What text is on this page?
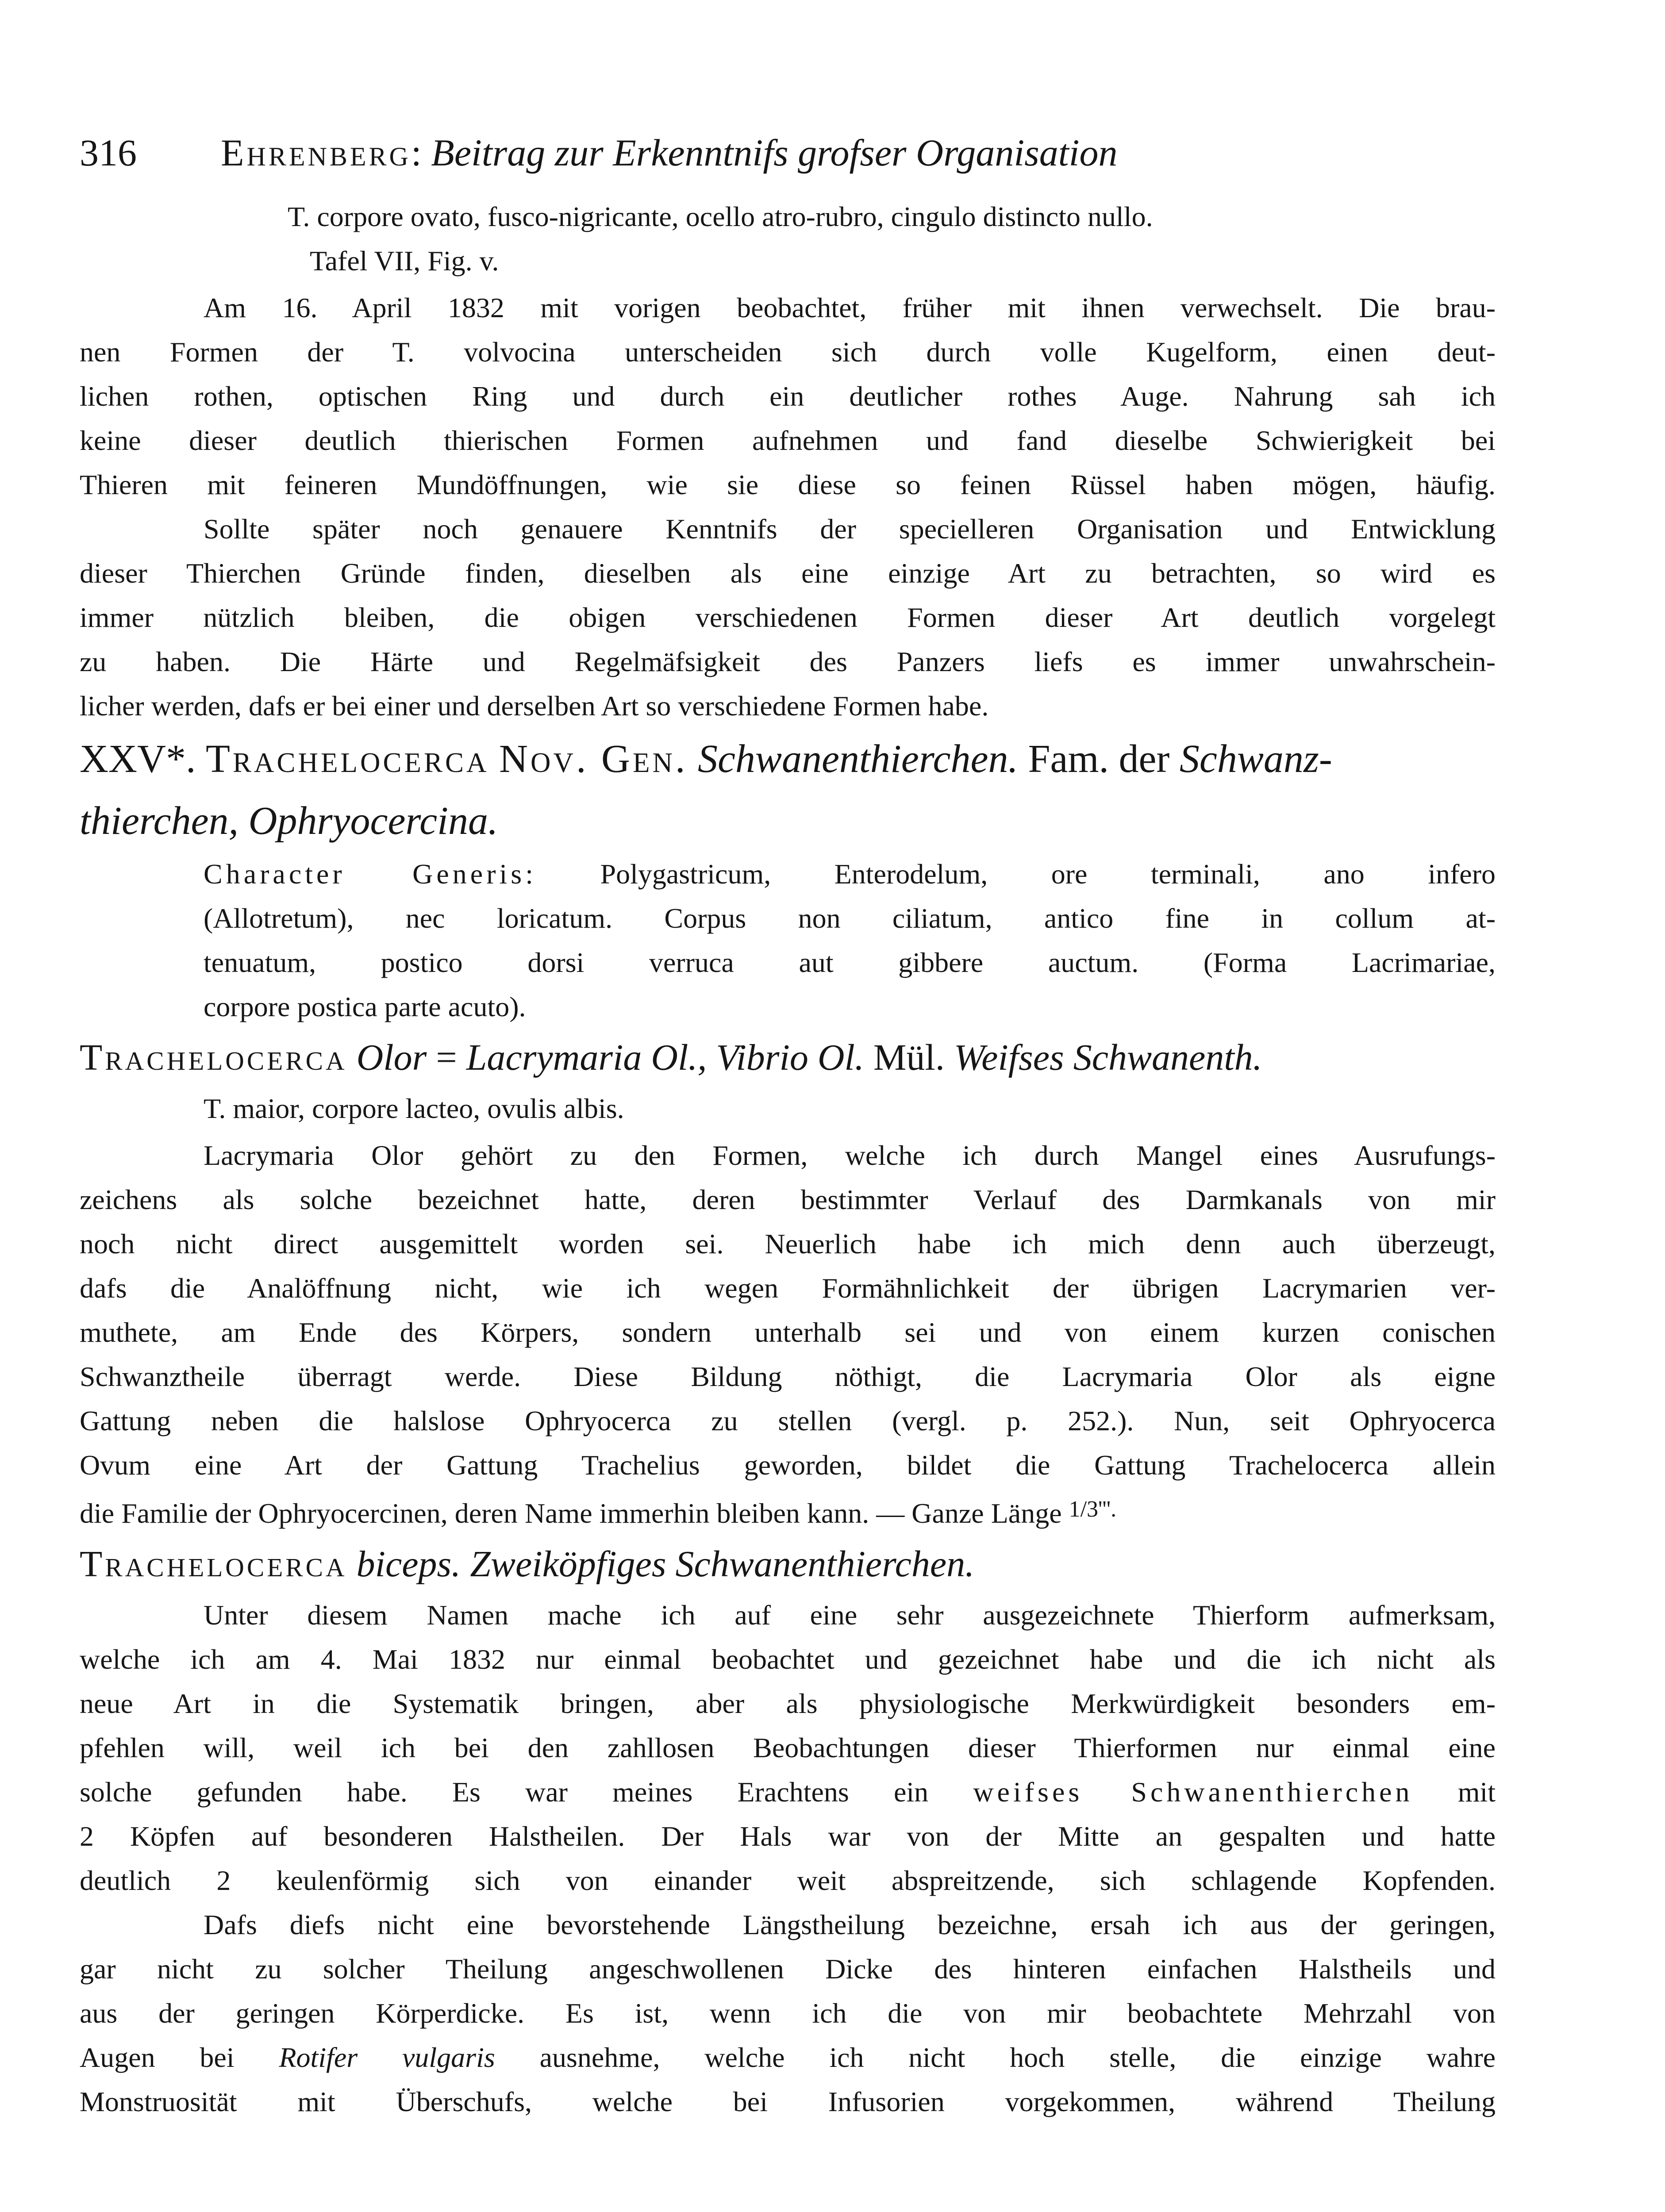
316 Ehrenberg : Beitrag zur Erkenntnifs grofser Organisation
T. corpore ovato, fusco-nigricante, ocello atro-rubro, cingulo distincto nullo.
Tafel VII, Fig. v.
Am 16. April 1832 mit vorigen beobachtet, früher mit ihnen verwechselt. Die brau-
nen Formen der T. volvocina unterscheiden sich durch volle Kugelform, einen deut-
lichen rothen, optischen Ring und durch ein deutlicher rothes Auge. Nahrung sah ich
keine dieser deutlich thierischen Formen aufnehmen und fand dieselbe Schwierigkeit bei
Thieren mit feineren Mundöffnungen, wie sie diese so feinen Rüssel haben mögen, häufig.
Sollte später noch genauere Kenntnifs der specielleren Organisation und Entwicklung
dieser Thierchen Gründe finden, dieselben als eine einzige Art zu betrachten, so wird es
immer nützlich bleiben, die obigen verschiedenen Formen dieser Art deutlich vorgelegt
zu haben. Die Härte und Regelmäfsigkeit des Panzers liefs es immer unwahrschein-
licher werden, dafs er bei einer und derselben Art so verschiedene Formen habe.
XXV*. Trachelocerca Nov. Gen. Schwanenthierchen. Fam. der Schwanz-
thierchen, Ophryocercina.
Character Generis: Polygastricum, Enterodelum, ore terminali, ano infero
(Allotretum), nec loricatum. Corpus non ciliatum, antico fine in collum at-
tenuatum, postico dorsi verruca aut gibbere auctum. (Forma Lacrimariae,
corpore postica parte acuto).
Trachelocerca Olor = Lacrymaria Ol., Vibrio Ol. Mül. Weifses Schwanenth.
T. maior, corpore lacteo, ovulis albis.
Lacrymaria Olor gehört zu den Formen, welche ich durch Mangel eines Ausrufungs-
zeichens als solche bezeichnet hatte, deren bestimmter Verlauf des Darmkanals von mir
noch nicht direct ausgemittelt worden sei. Neuerlich habe ich mich denn auch überzeugt,
dafs die Analöffnung nicht, wie ich wegen Formähnlichkeit der übrigen Lacrymarien ver-
muthete, am Ende des Körpers, sondern unterhalb sei und von einem kurzen conischen
Schwanztheile überragt werde. Diese Bildung nöthigt, die Lacrymaria Olor als eigne
Gattung neben die halslose Ophryocerca zu stellen (vergl. p. 252.). Nun, seit Ophryocerca
Ovum eine Art der Gattung Trachelius geworden, bildet die Gattung Trachelocerca allein
die Familie der Ophryocercinen, deren Name immerhin bleiben kann. — Ganze Länge $^{1/3'''.}$
Trachelocerca biceps. Zweiköpfiges Schwanenthierchen.
Unter diesem Namen mache ich auf eine sehr ausgezeichnete Thierform aufmerksam,
welche ich am 4. Mai 1832 nur einmal beobachtet und gezeichnet habe und die ich nicht als
neue Art in die Systematik bringen, aber als physiologische Merkwürdigkeit besonders em-
pfehlen will, weil ich bei den zahllosen Beobachtungen dieser Thierformen nur einmal eine
solche gefunden habe. Es war meines Erachtens ein weifses Schwanenthierchen mit
2 Köpfen auf besonderen Halstheilen. Der Hals war von der Mitte an gespalten und hatte
deutlich 2 keulenförmig sich von einander weit abspreitzende, sich schlagende Kopfenden.
Dafs diefs nicht eine bevorstehende Längstheilung bezeichne, ersah ich aus der geringen,
gar nicht zu solcher Theilung angeschwollenen Dicke des hinteren einfachen Halstheils und
aus der geringen Körperdicke. Es ist, wenn ich die von mir beobachtete Mehrzahl von
Augen bei Rotifer vulgaris ausnehme, welche ich nicht hoch stelle, die einzige wahre
Monstruosität mit Überschufs, welche bei Infusorien vorgekommen, während Theilung
